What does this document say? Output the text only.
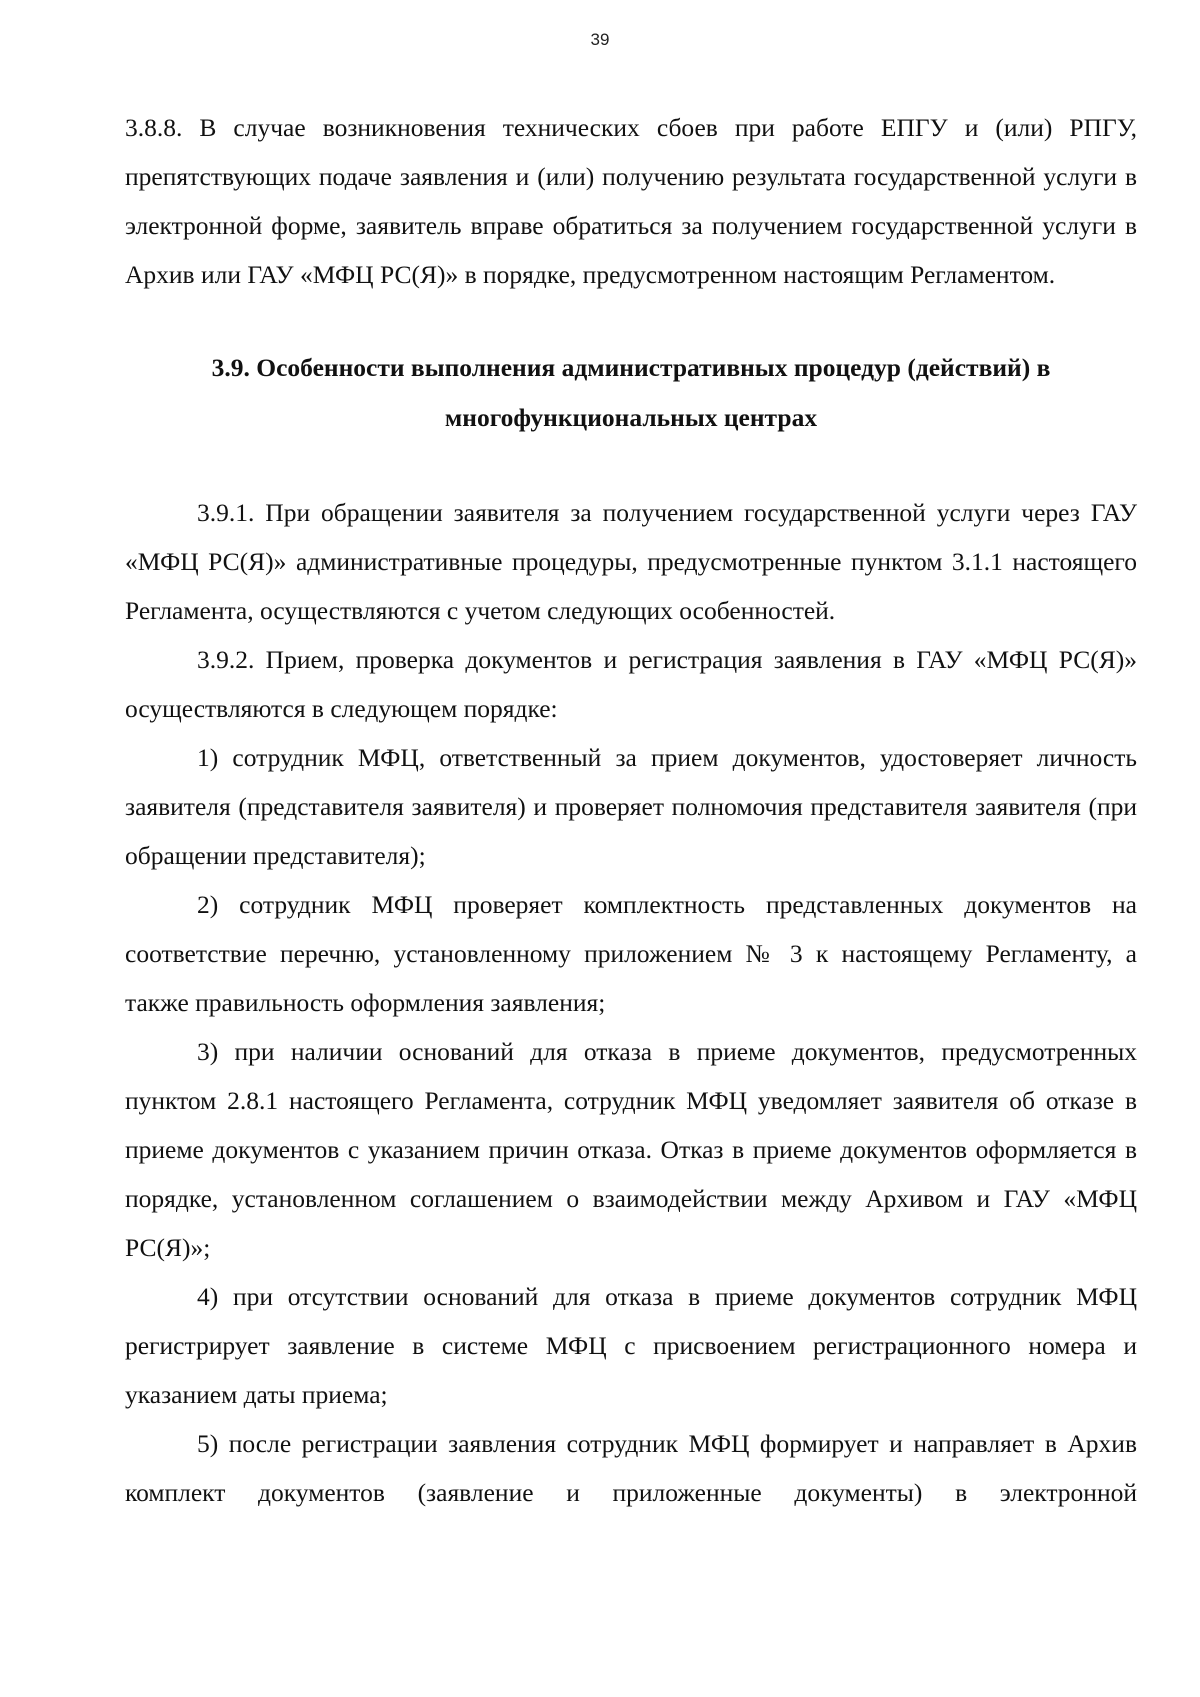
39

3.8.8. В случае возникновения технических сбоев при работе ЕПГУ и (или) РПГУ, препятствующих подаче заявления и (или) получению результата государственной услуги в электронной форме, заявитель вправе обратиться за получением государственной услуги в Архив или ГАУ «МФЦ РС(Я)» в порядке, предусмотренном настоящим Регламентом.

3.9. Особенности выполнения административных процедур (действий) в
многофункциональных центрах

3.9.1. При обращении заявителя за получением государственной услуги через ГАУ «МФЦ РС(Я)» административные процедуры, предусмотренные пунктом 3.1.1 настоящего Регламента, осуществляются с учетом следующих особенностей.

3.9.2. Прием, проверка документов и регистрация заявления в ГАУ «МФЦ РС(Я)» осуществляются в следующем порядке:

1) сотрудник МФЦ, ответственный за прием документов, удостоверяет личность заявителя (представителя заявителя) и проверяет полномочия представителя заявителя (при обращении представителя);

2) сотрудник МФЦ проверяет комплектность представленных документов на соответствие перечню, установленному приложением № 3 к настоящему Регламенту, а также правильность оформления заявления;

3) при наличии оснований для отказа в приеме документов, предусмотренных пунктом 2.8.1 настоящего Регламента, сотрудник МФЦ уведомляет заявителя об отказе в приеме документов с указанием причин отказа. Отказ в приеме документов оформляется в порядке, установленном соглашением о взаимодействии между Архивом и ГАУ «МФЦ РС(Я)»;

4) при отсутствии оснований для отказа в приеме документов сотрудник МФЦ регистрирует заявление в системе МФЦ с присвоением регистрационного номера и указанием даты приема;

5) после регистрации заявления сотрудник МФЦ формирует и направляет в Архив комплект документов (заявление и приложенные документы) в электронной
